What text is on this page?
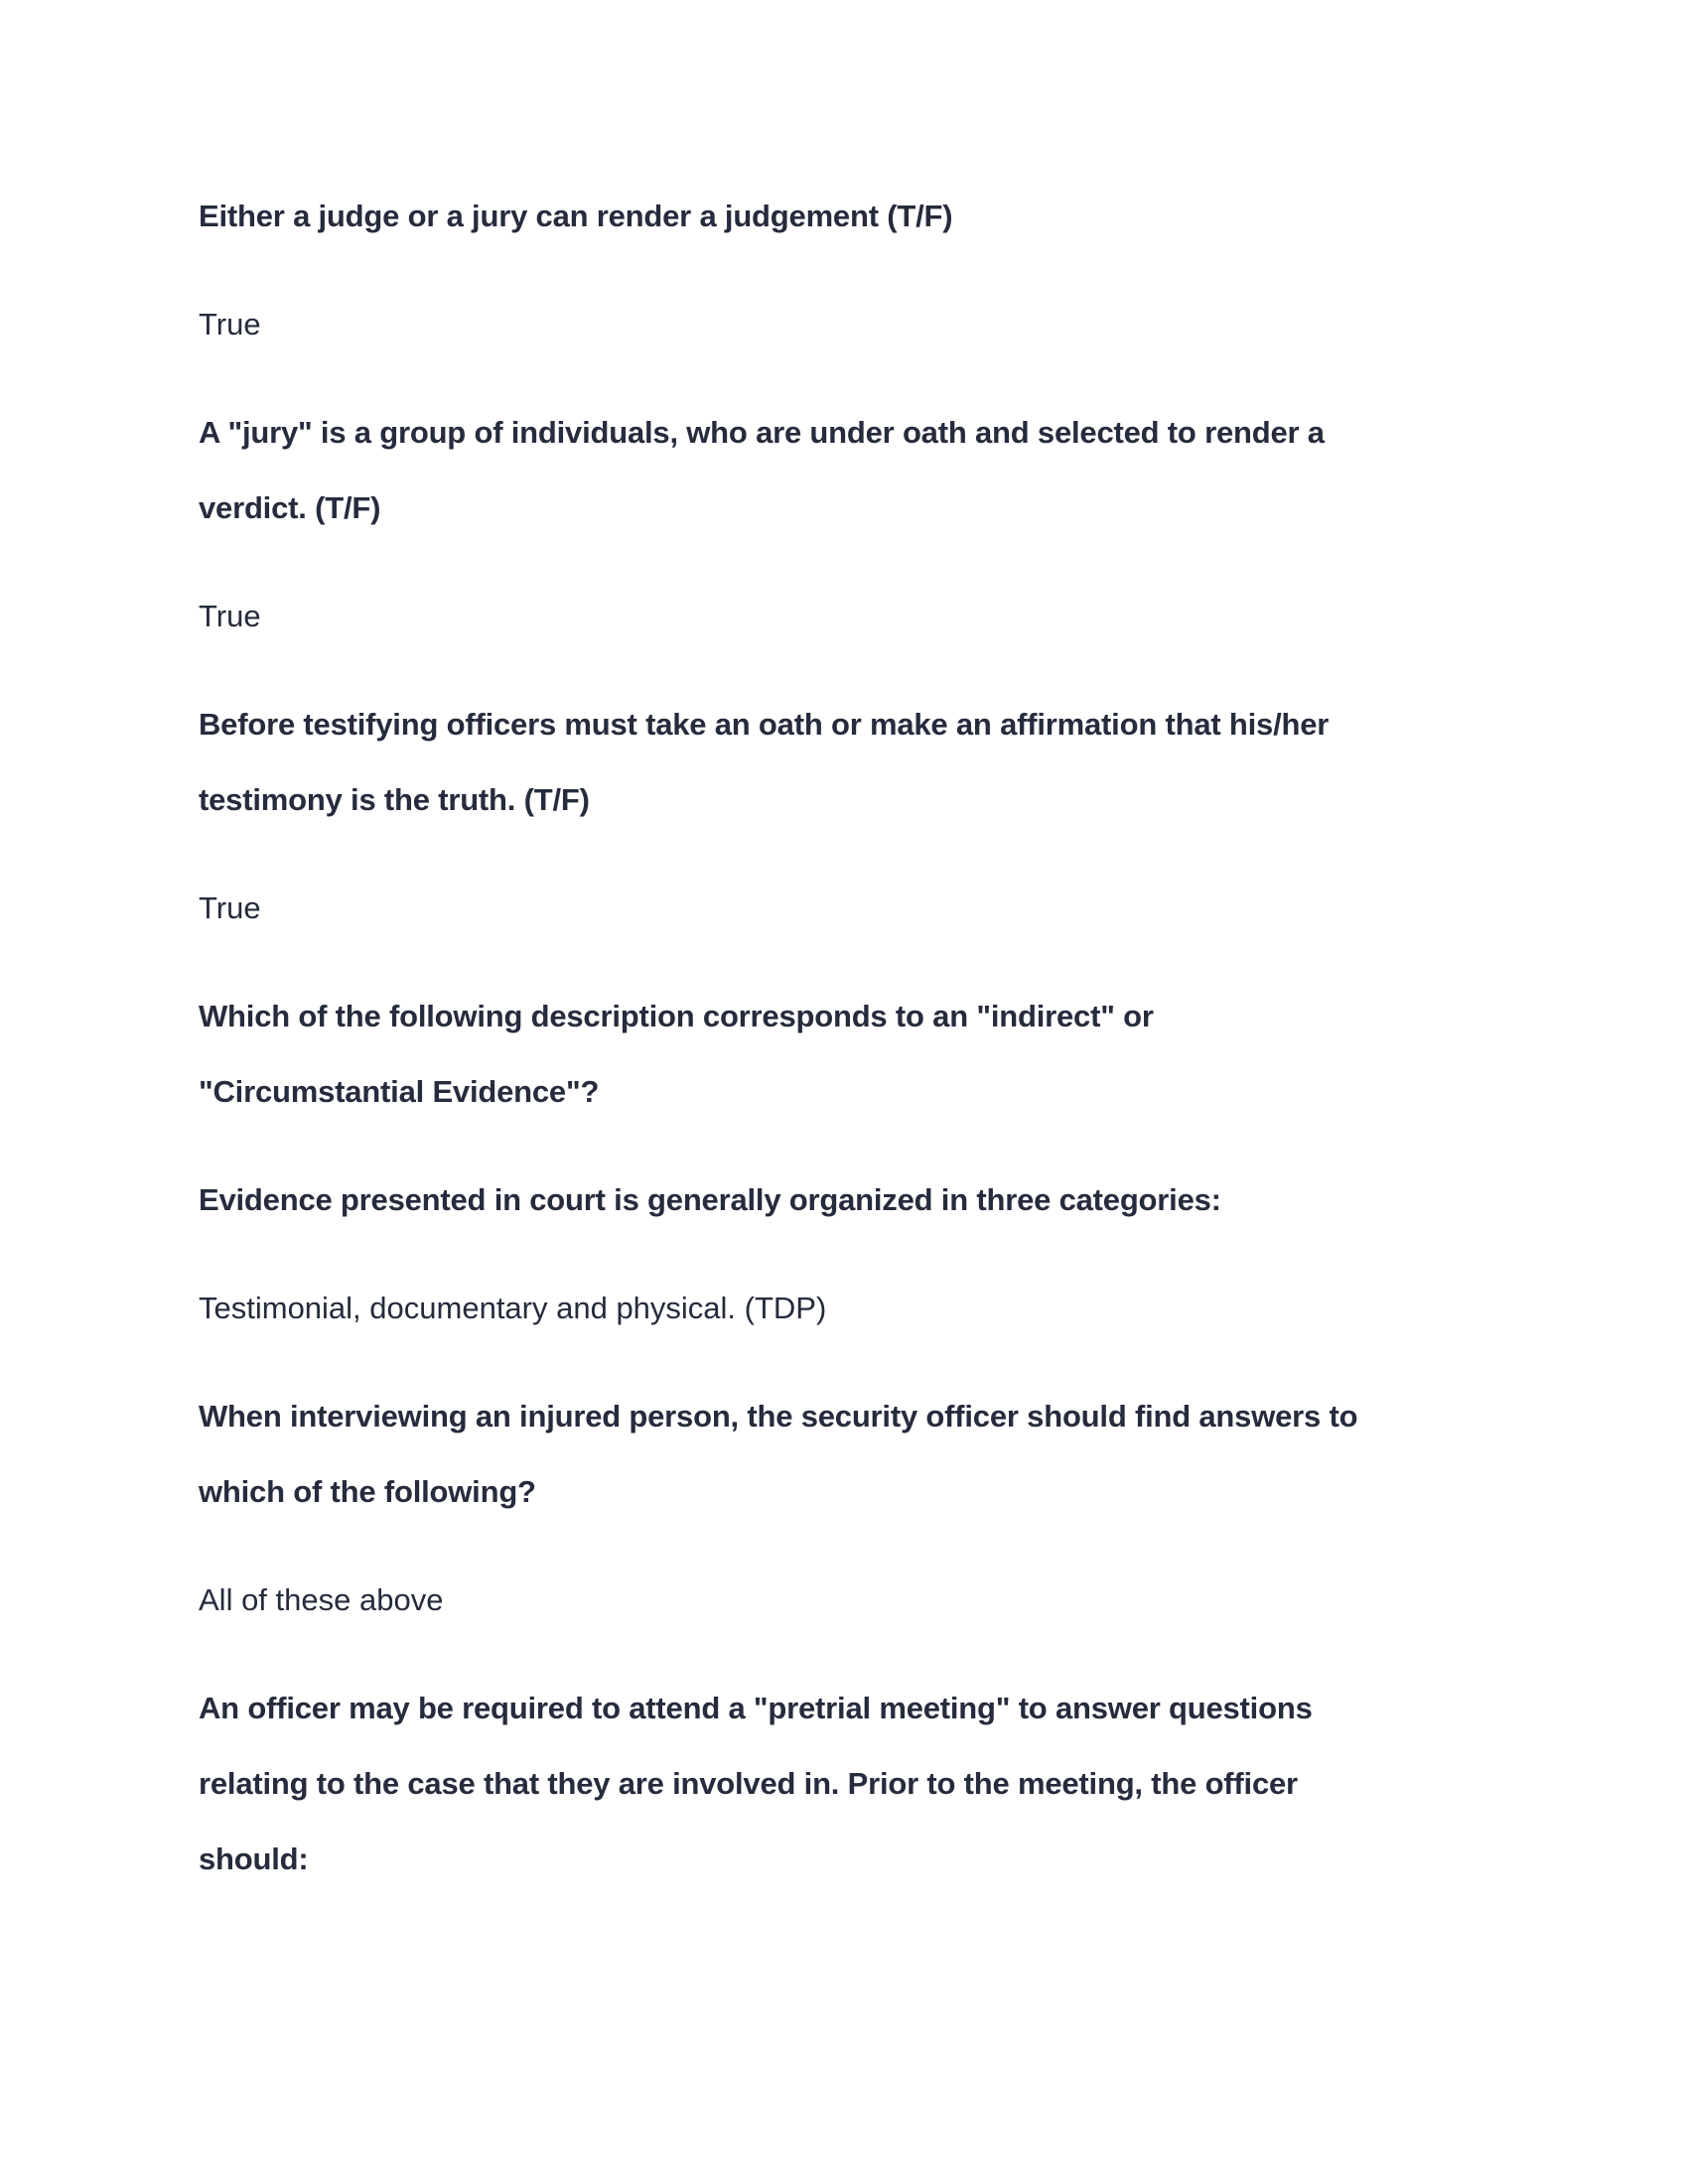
Either a judge or a jury can render a judgement (T/F)
True
A "jury" is a group of individuals, who are under oath and selected to render a
verdict. (T/F)
True
Before testifying officers must take an oath or make an affirmation that his/her
testimony is the truth. (T/F)
True
Which of the following description corresponds to an "indirect" or
"Circumstantial Evidence"?
Evidence presented in court is generally organized in three categories:
Testimonial, documentary and physical. (TDP)
When interviewing an injured person, the security officer should find answers to
which of the following?
All of these above
An officer may be required to attend a "pretrial meeting" to answer questions
relating to the case that they are involved in. Prior to the meeting, the officer
should:
